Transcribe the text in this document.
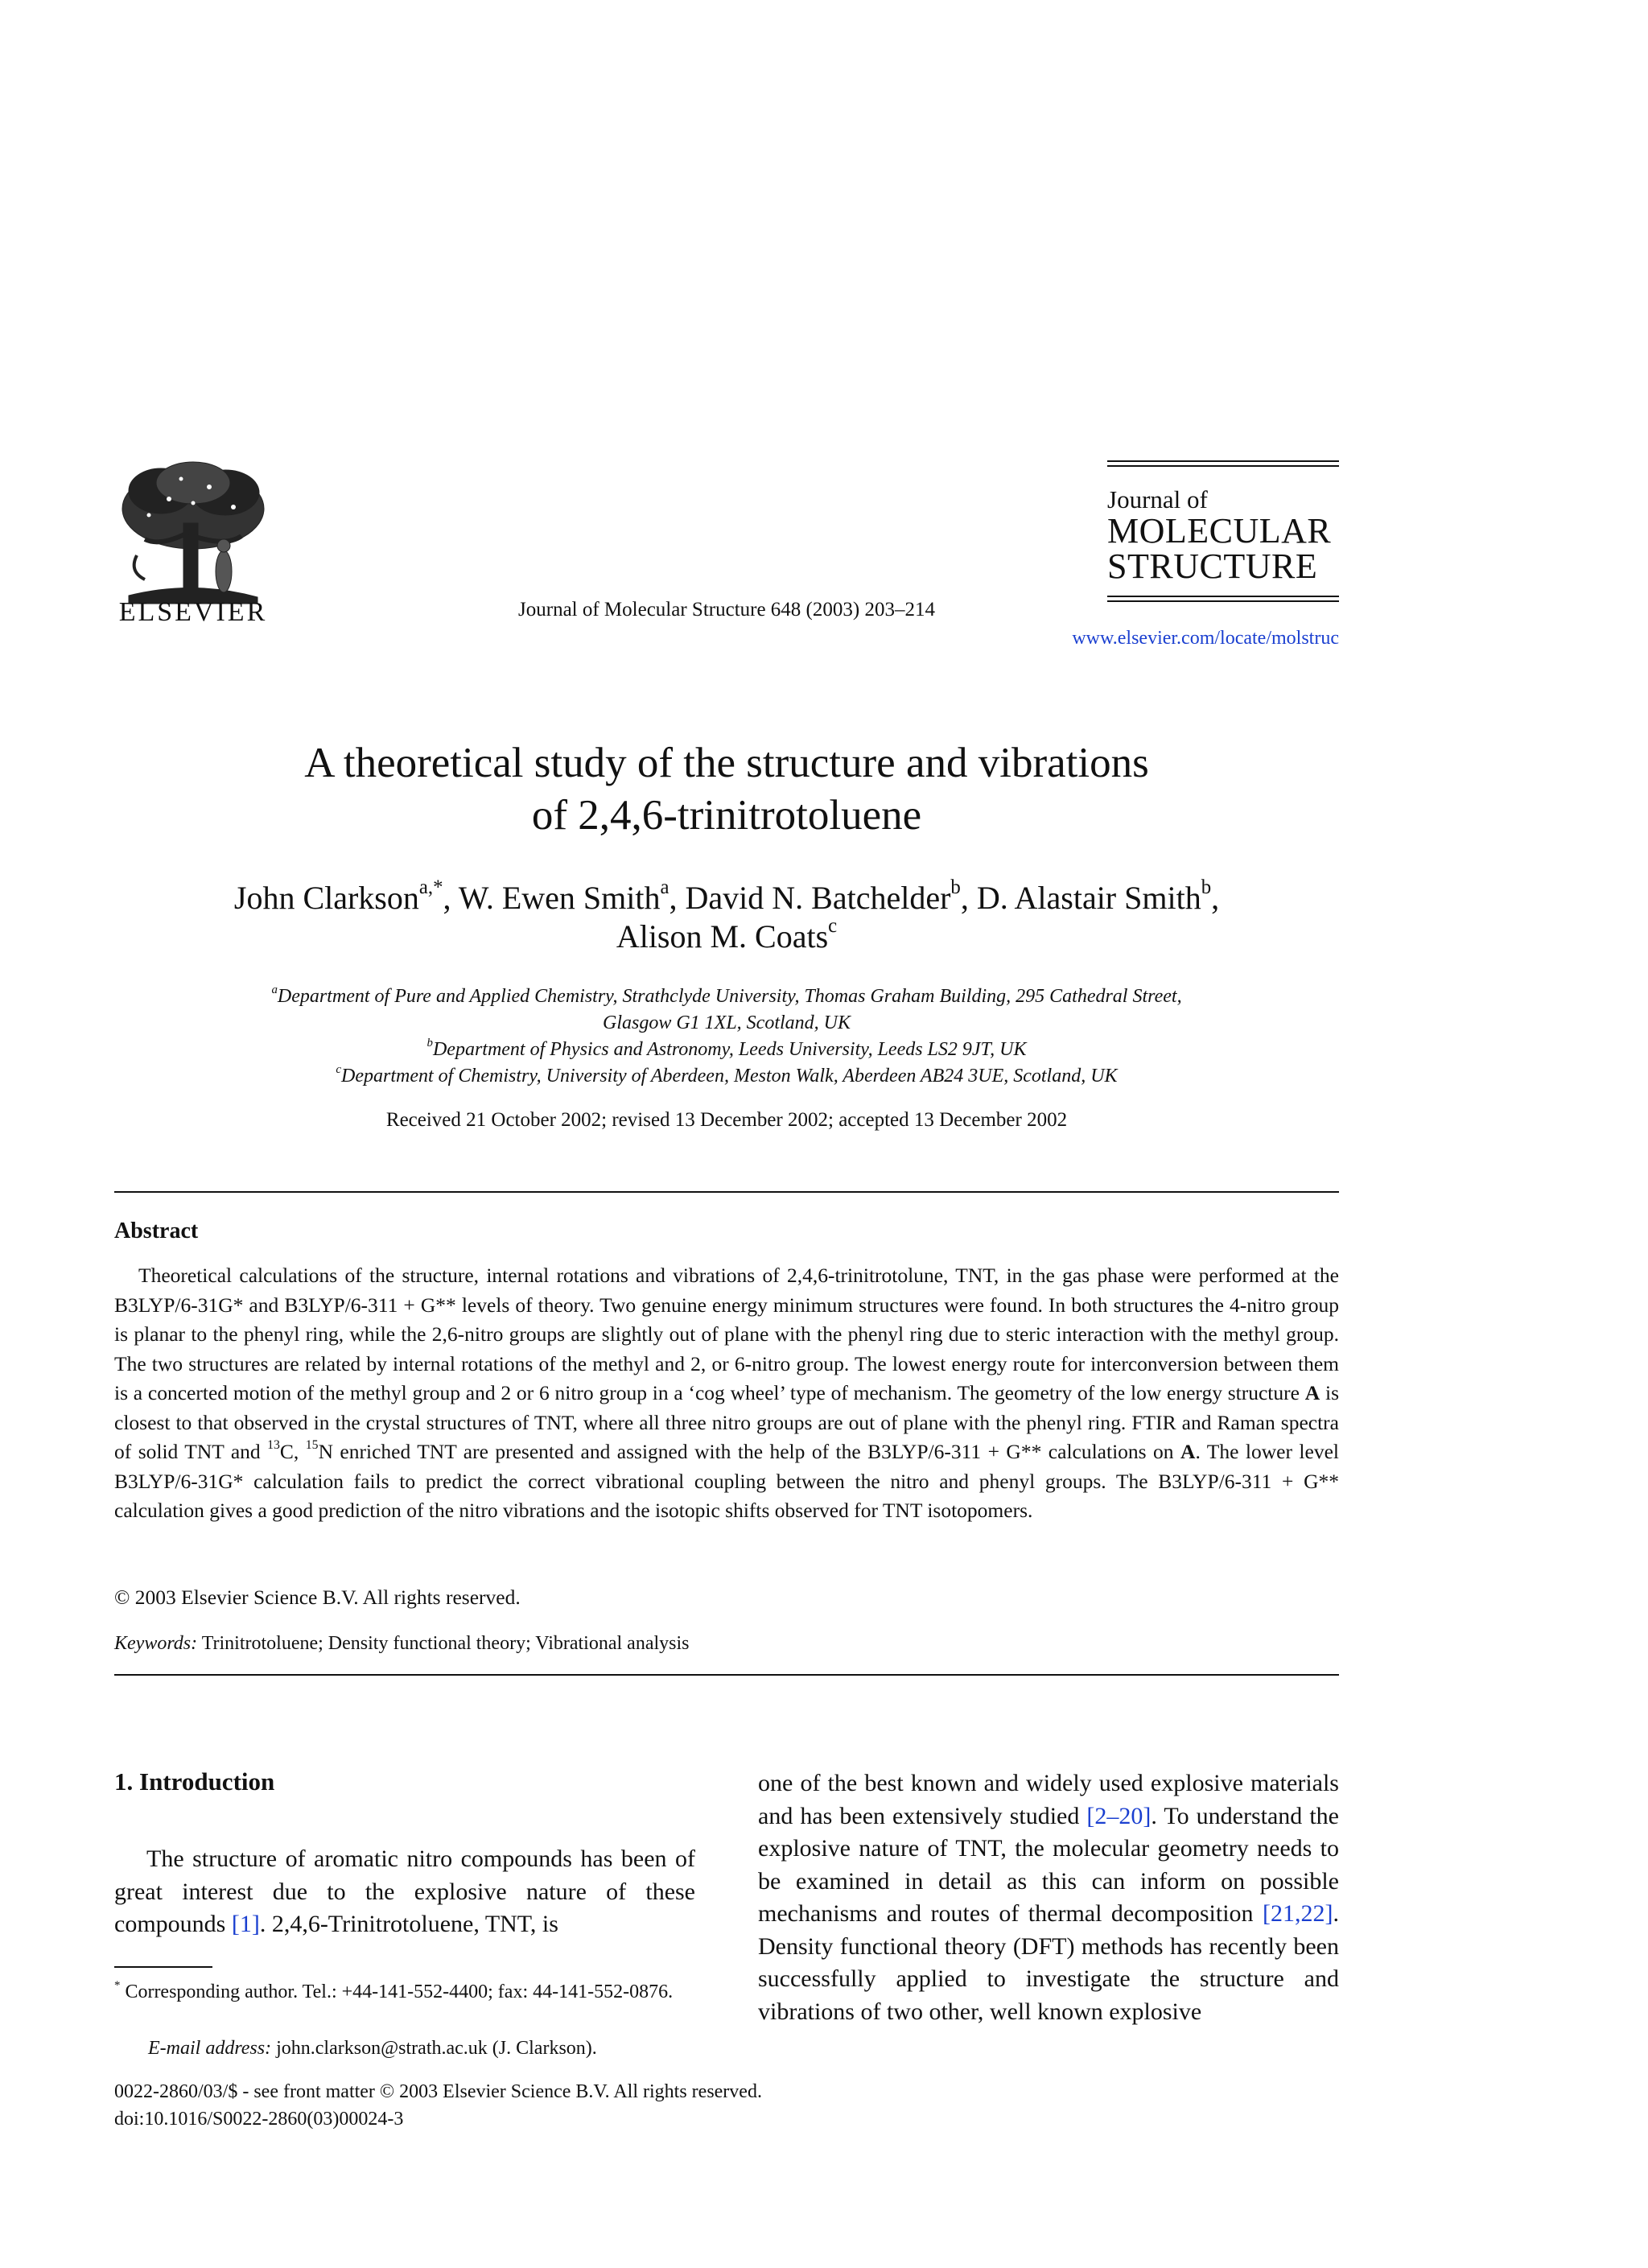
ELSEVIER	Journal of Molecular Structure 648 (2003) 203–214
Journal of
MOLECULAR
STRUCTURE
www.elsevier.com/locate/molstruc
A theoretical study of the structure and vibrations
of 2,4,6-trinitrotoluene
John Clarkson$^{a,*}$, W. Ewen Smith$^a$, David N. Batchelder$^b$, D. Alastair Smith$^b$,
Alison M. Coats$^c$
$^a$Department of Pure and Applied Chemistry, Strathclyde University, Thomas Graham Building, 295 Cathedral Street,
Glasgow G1 1XL, Scotland, UK
$^b$Department of Physics and Astronomy, Leeds University, Leeds LS2 9JT, UK
$^c$Department of Chemistry, University of Aberdeen, Meston Walk, Aberdeen AB24 3UE, Scotland, UK
Received 21 October 2002; revised 13 December 2002; accepted 13 December 2002
Abstract
Theoretical calculations of the structure, internal rotations and vibrations of 2,4,6-trinitrotolune, TNT, in the gas phase were performed at the B3LYP/6-31G* and B3LYP/6-311 + G** levels of theory. Two genuine energy minimum structures were found. In both structures the 4-nitro group is planar to the phenyl ring, while the 2,6-nitro groups are slightly out of plane with the phenyl ring due to steric interaction with the methyl group. The two structures are related by internal rotations of the methyl and 2, or 6-nitro group. The lowest energy route for interconversion between them is a concerted motion of the methyl group and 2 or 6 nitro group in a ‘cog wheel’ type of mechanism. The geometry of the low energy structure A is closest to that observed in the crystal structures of TNT, where all three nitro groups are out of plane with the phenyl ring. FTIR and Raman spectra of solid TNT and $^{13}$C, $^{15}$N enriched TNT are presented and assigned with the help of the B3LYP/6-311 + G** calculations on A. The lower level B3LYP/6-31G* calculation fails to predict the correct vibrational coupling between the nitro and phenyl groups. The B3LYP/6-311 + G** calculation gives a good prediction of the nitro vibrations and the isotopic shifts observed for TNT isotopomers.
© 2003 Elsevier Science B.V. All rights reserved.
Keywords: Trinitrotoluene; Density functional theory; Vibrational analysis
1. Introduction
The structure of aromatic nitro compounds has been of great interest due to the explosive nature of these compounds [1]. 2,4,6-Trinitrotoluene, TNT, is
one of the best known and widely used explosive materials and has been extensively studied [2–20]. To understand the explosive nature of TNT, the molecular geometry needs to be examined in detail as this can inform on possible mechanisms and routes of thermal decomposition [21,22]. Density functional theory (DFT) methods has recently been successfully applied to investigate the structure and vibrations of two other, well known explosive
* Corresponding author. Tel.: +44-141-552-4400; fax: 44-141-552-0876.
E-mail address: john.clarkson@strath.ac.uk (J. Clarkson).
0022-2860/03/$ - see front matter © 2003 Elsevier Science B.V. All rights reserved.
doi:10.1016/S0022-2860(03)00024-3
